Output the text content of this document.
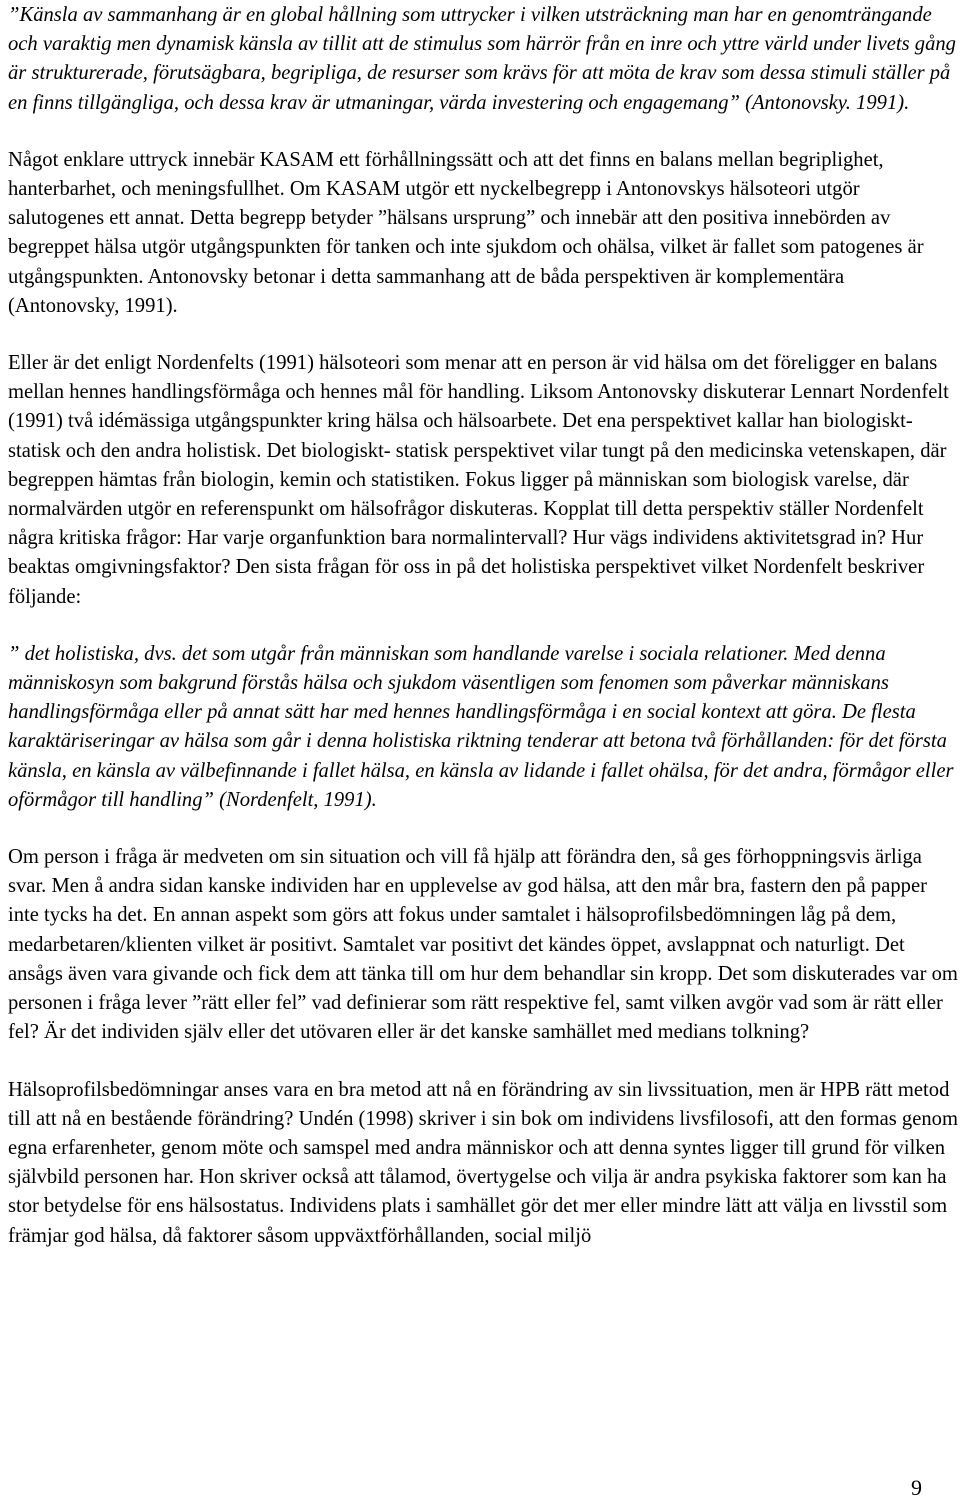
”Känsla av sammanhang är en global hållning som uttrycker i vilken utsträckning man har en genomträngande och varaktig men dynamisk känsla av tillit att de stimulus som härrör från en inre och yttre värld under livets gång är strukturerade, förutsägbara, begripliga, de resurser som krävs för att möta de krav som dessa stimuli ställer på en finns tillgängliga, och dessa krav är utmaningar, värda investering och engagemang” (Antonovsky. 1991).

Något enklare uttryck innebär KASAM ett förhållningssätt och att det finns en balans mellan begriplighet, hanterbarhet, och meningsfullhet. Om KASAM utgör ett nyckelbegrepp i Antonovskys hälsoteori utgör salutogenes ett annat. Detta begrepp betyder ”hälsans ursprung” och innebär att den positiva innebörden av begreppet hälsa utgör utgångspunkten för tanken och inte sjukdom och ohälsa, vilket är fallet som patogenes är utgångspunkten. Antonovsky betonar i detta sammanhang att de båda perspektiven är komplementära (Antonovsky, 1991).

Eller är det enligt Nordenfelts (1991) hälsoteori som menar att en person är vid hälsa om det föreligger en balans mellan hennes handlingsförmåga och hennes mål för handling. Liksom Antonovsky diskuterar Lennart Nordenfelt (1991) två idémässiga utgångspunkter kring hälsa och hälsoarbete. Det ena perspektivet kallar han biologiskt- statisk och den andra holistisk. Det biologiskt- statisk perspektivet vilar tungt på den medicinska vetenskapen, där begreppen hämtas från biologin, kemin och statistiken. Fokus ligger på människan som biologisk varelse, där normalvärden utgör en referenspunkt om hälsofrågor diskuteras. Kopplat till detta perspektiv ställer Nordenfelt några kritiska frågor: Har varje organfunktion bara normalintervall? Hur vägs individens aktivitetsgrad in? Hur beaktas omgivningsfaktor? Den sista frågan för oss in på det holistiska perspektivet vilket Nordenfelt beskriver följande:

” det holistiska, dvs. det som utgår från människan som handlande varelse i sociala relationer. Med denna människosyn som bakgrund förstås hälsa och sjukdom väsentligen som fenomen som påverkar människans handlingsförmåga eller på annat sätt har med hennes handlingsförmåga i en social kontext att göra. De flesta karaktäriseringar av hälsa som går i denna holistiska riktning tenderar att betona två förhållanden: för det första känsla, en känsla av välbefinnande i fallet hälsa, en känsla av lidande i fallet ohälsa, för det andra, förmågor eller oförmågor till handling” (Nordenfelt, 1991).

Om person i fråga är medveten om sin situation och vill få hjälp att förändra den, så ges förhoppningsvis ärliga svar. Men å andra sidan kanske individen har en upplevelse av god hälsa, att den mår bra, fastern den på papper inte tycks ha det. En annan aspekt som görs att fokus under samtalet i hälsoprofilsbedömningen låg på dem, medarbetaren/klienten vilket är positivt. Samtalet var positivt det kändes öppet, avslappnat och naturligt. Det ansågs även vara givande och fick dem att tänka till om hur dem behandlar sin kropp. Det som diskuterades var om personen i fråga lever ”rätt eller fel” vad definierar som rätt respektive fel, samt vilken avgör vad som är rätt eller fel? Är det individen själv eller det utövaren eller är det kanske samhället med medians tolkning?

Hälsoprofilsbedömningar anses vara en bra metod att nå en förändring av sin livssituation, men är HPB rätt metod till att nå en bestående förändring? Undén (1998) skriver i sin bok om individens livsfilosofi, att den formas genom egna erfarenheter, genom möte och samspel med andra människor och att denna syntes ligger till grund för vilken självbild personen har. Hon skriver också att tålamod, övertygelse och vilja är andra psykiska faktorer som kan ha stor betydelse för ens hälsostatus. Individens plats i samhället gör det mer eller mindre lätt att välja en livsstil som främjar god hälsa, då faktorer såsom uppväxtförhållanden, social miljö

9
